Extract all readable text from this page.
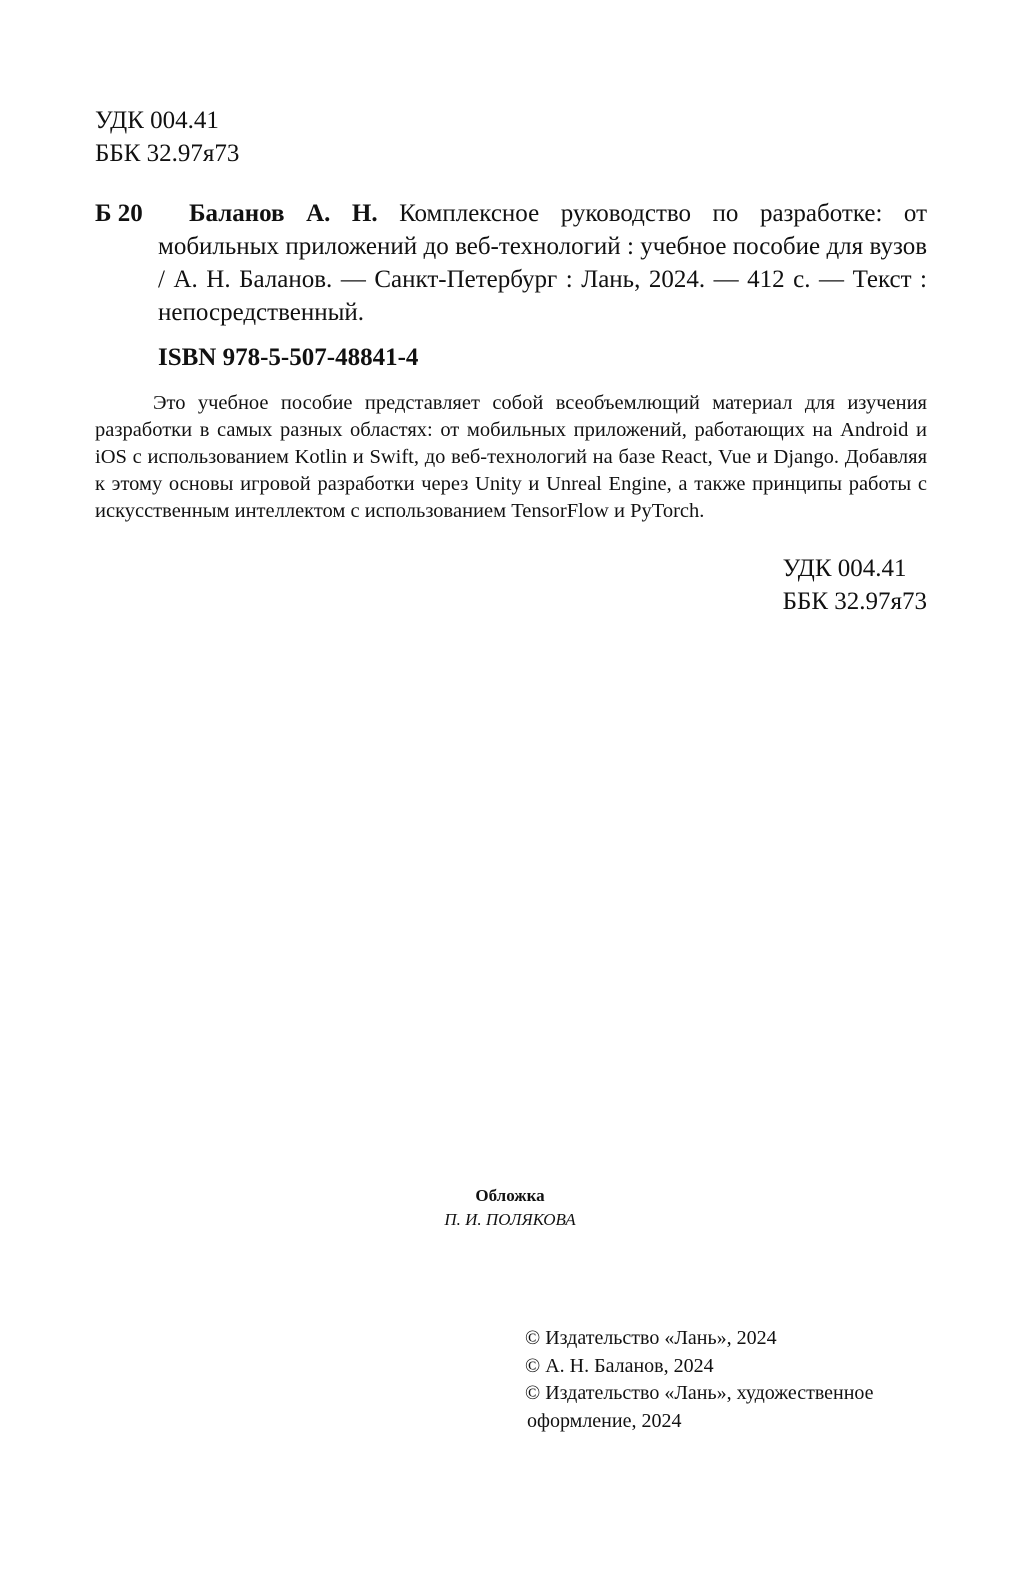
УДК 004.41
ББК 32.97я73
Б 20	Баланов А. Н. Комплексное руководство по разработке: от мобильных приложений до веб-технологий : учебное пособие для вузов / А. Н. Баланов. — Санкт-Петербург : Лань, 2024. — 412 с. — Текст : непосредственный.
ISBN 978-5-507-48841-4
Это учебное пособие представляет собой всеобъемлющий материал для изучения разработки в самых разных областях: от мобильных приложений, работающих на Android и iOS с использованием Kotlin и Swift, до веб-технологий на базе React, Vue и Django. Добавляя к этому основы игровой разработки через Unity и Unreal Engine, а также принципы работы с искусственным интеллектом с использованием TensorFlow и PyTorch.
УДК 004.41
ББК 32.97я73
Обложка
П. И. ПОЛЯКОВА
© Издательство «Лань», 2024
© А. Н. Баланов, 2024
© Издательство «Лань», художественное
оформление, 2024
